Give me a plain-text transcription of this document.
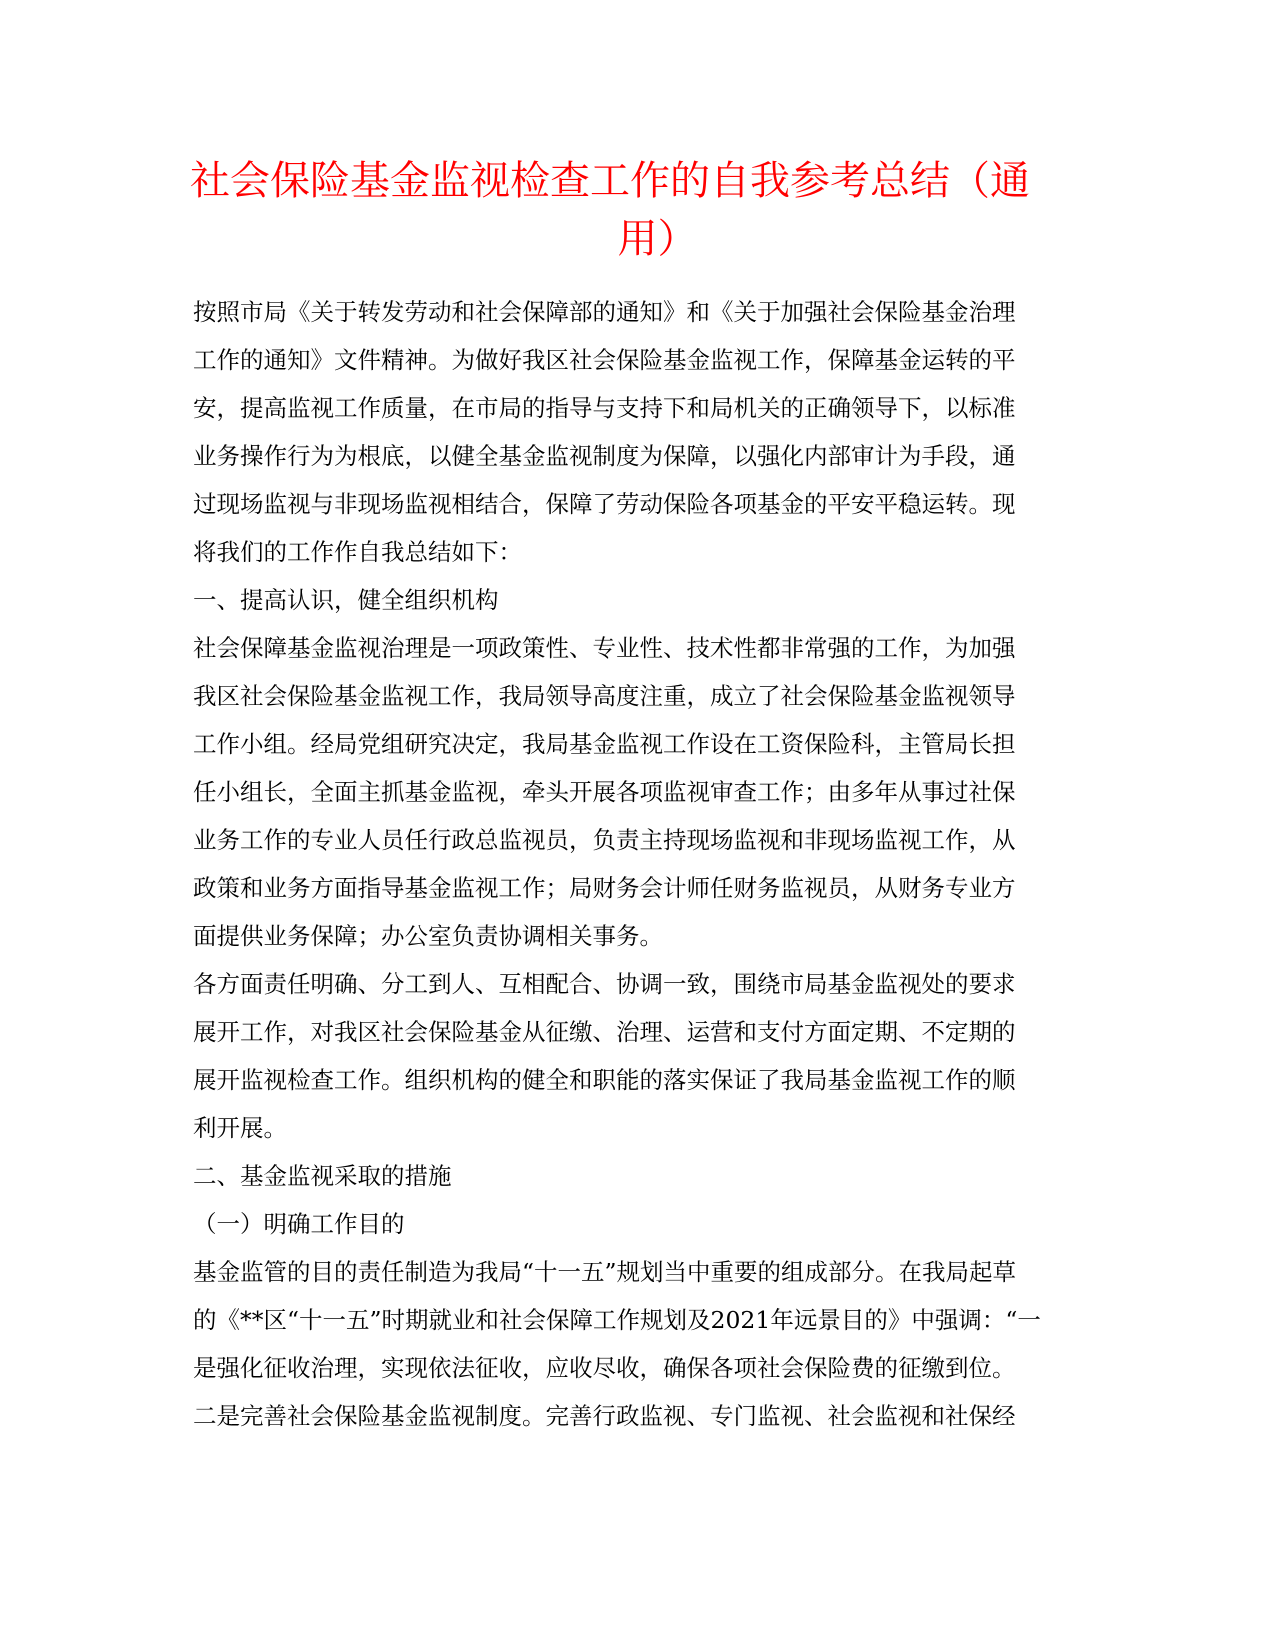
社会保险基金监视检查工作的自我参考总结（通
用）
按照市局《关于转发劳动和社会保障部的通知》和《关于加强社会保险基金治理
工作的通知》文件精神。为做好我区社会保险基金监视工作，保障基金运转的平
安，提高监视工作质量，在市局的指导与支持下和局机关的正确领导下，以标准
业务操作行为为根底，以健全基金监视制度为保障，以强化内部审计为手段，通
过现场监视与非现场监视相结合，保障了劳动保险各项基金的平安平稳运转。现
将我们的工作作自我总结如下：
一、提高认识，健全组织机构
社会保障基金监视治理是一项政策性、专业性、技术性都非常强的工作，为加强
我区社会保险基金监视工作，我局领导高度注重，成立了社会保险基金监视领导
工作小组。经局党组研究决定，我局基金监视工作设在工资保险科，主管局长担
任小组长，全面主抓基金监视，牵头开展各项监视审查工作；由多年从事过社保
业务工作的专业人员任行政总监视员，负责主持现场监视和非现场监视工作，从
政策和业务方面指导基金监视工作；局财务会计师任财务监视员，从财务专业方
面提供业务保障；办公室负责协调相关事务。
各方面责任明确、分工到人、互相配合、协调一致，围绕市局基金监视处的要求
展开工作，对我区社会保险基金从征缴、治理、运营和支付方面定期、不定期的
展开监视检查工作。组织机构的健全和职能的落实保证了我局基金监视工作的顺
利开展。
二、基金监视采取的措施
（一）明确工作目的
基金监管的目的责任制造为我局“十一五”规划当中重要的组成部分。在我局起草
的《**区“十一五”时期就业和社会保障工作规划及2021年远景目的》中强调：“一
是强化征收治理，实现依法征收，应收尽收，确保各项社会保险费的征缴到位。
二是完善社会保险基金监视制度。完善行政监视、专门监视、社会监视和社保经
